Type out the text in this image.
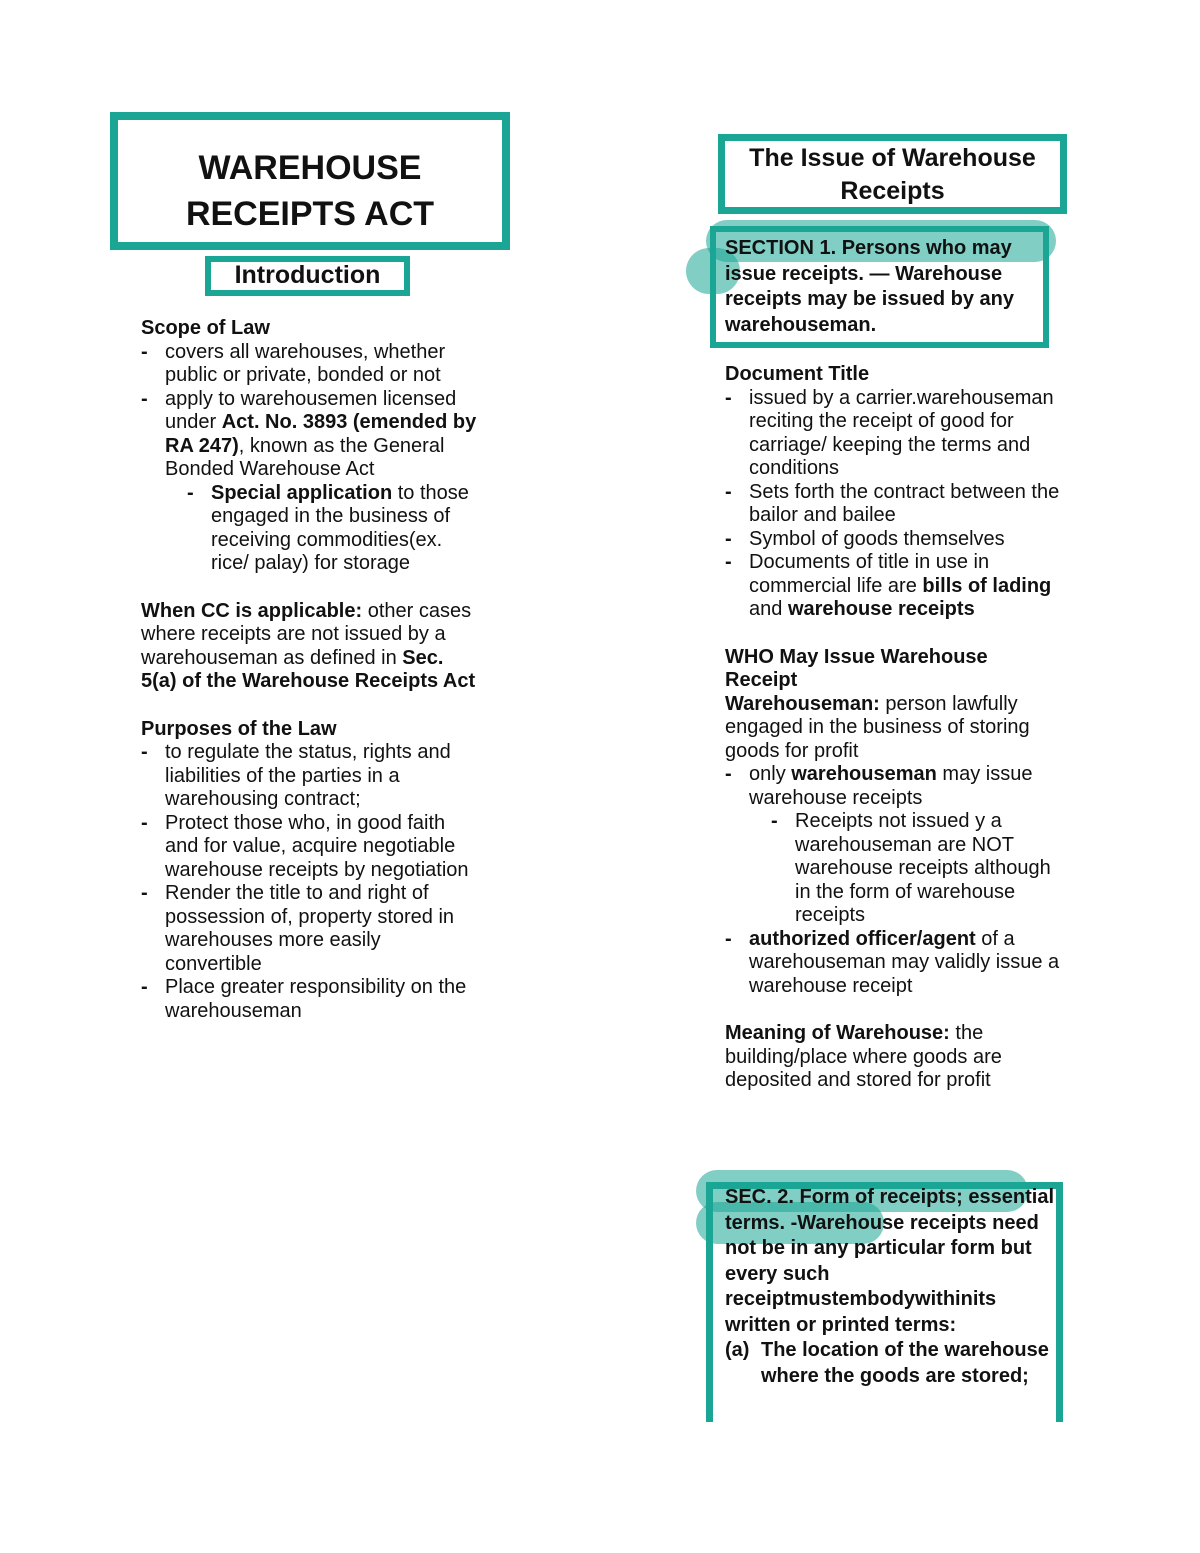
WAREHOUSE
RECEIPTS ACT
Introduction

Scope of Law

- covers all warehouses, whether public or private, bonded or not

- apply to warehousemen licensed under Act. No. 3893 (emended by RA 247), known as the General Bonded Warehouse Act

- Special application to those engaged in the business of receiving commodities(ex. rice/ palay) for storage

When CC is applicable: other cases where receipts are not issued by a warehouseman as defined in Sec. 5(a) of the Warehouse Receipts Act

Purposes of the Law

- to regulate the status, rights and liabilities of the parties in a warehousing contract;

- Protect those who, in good faith and for value, acquire negotiable warehouse receipts by negotiation

- Render the title to and right of possession of, property stored in warehouses more easily convertible

- Place greater responsibility on the warehouseman

The Issue of Warehouse
Receipts
SECTION 1. Persons who may issue receipts. — Warehouse receipts may be issued by any warehouseman.

Document Title

- issued by a carrier.warehouseman reciting the receipt of good for carriage/ keeping the terms and conditions

- Sets forth the contract between the bailor and bailee

- Symbol of goods themselves

- Documents of title in use in commercial life are bills of lading and warehouse receipts

WHO May Issue Warehouse Receipt

Warehouseman: person lawfully engaged in the business of storing goods for profit

- only warehouseman may issue warehouse receipts

- Receipts not issued y a warehouseman are NOT warehouse receipts although in the form of warehouse receipts

- authorized officer/agent of a warehouseman may validly issue a warehouse receipt

Meaning of Warehouse: the building/place where goods are deposited and stored for profit

SEC. 2. Form of receipts; essential terms. -Warehouse receipts need not be in any particular form but every such receiptmustembodywithinits written or printed terms:

(a) The location of the warehouse where the goods are stored;
